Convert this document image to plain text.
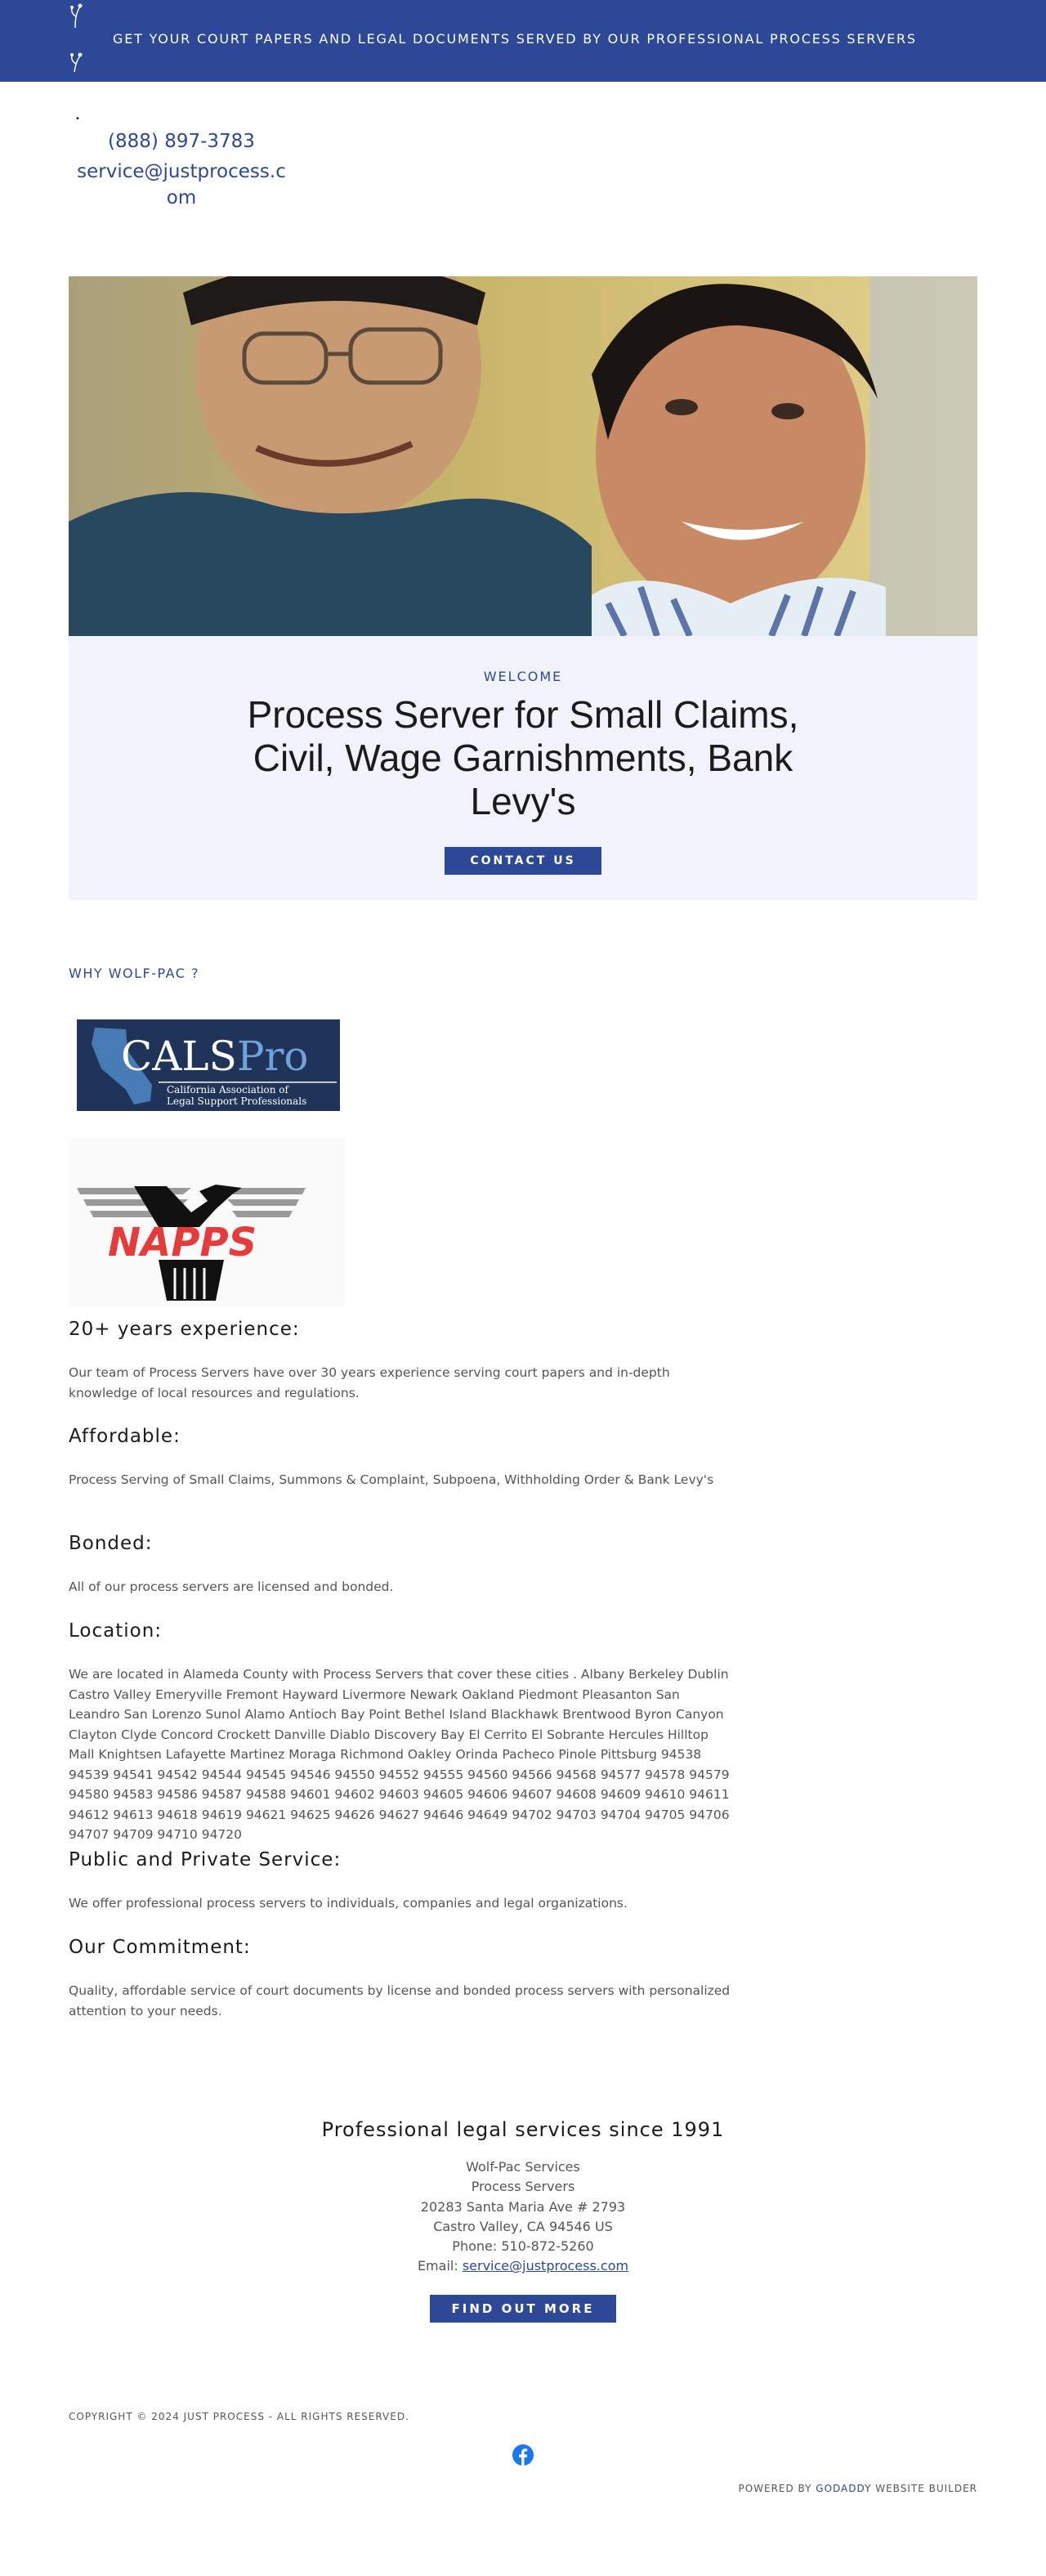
GET YOUR COURT PAPERS AND LEGAL DOCUMENTS SERVED BY OUR PROFESSIONAL PROCESS SERVERS
•
(888) 897-3783
service@justprocess.com
WELCOME
Process Server for Small Claims, Civil, Wage Garnishments, Bank Levy's
CONTACT US
WHY WOLF-PAC ?
CALSPro
California Association of
Legal Support Professionals
NAPPS
20+ years experience:

Our team of Process Servers have over 30 years experience serving court papers and in-depth knowledge of local resources and regulations.

Affordable:

Process Serving of Small Claims, Summons & Complaint, Subpoena, Withholding Order & Bank Levy's

Bonded:

All of our process servers are licensed and bonded.

Location:

We are located in Alameda County with Process Servers that cover these cities . Albany Berkeley Dublin Castro Valley Emeryville Fremont Hayward Livermore Newark Oakland Piedmont Pleasanton San Leandro San Lorenzo Sunol Alamo Antioch Bay Point Bethel Island Blackhawk Brentwood Byron Canyon Clayton Clyde Concord Crockett Danville Diablo Discovery Bay El Cerrito El Sobrante Hercules Hilltop Mall Knightsen Lafayette Martinez Moraga Richmond Oakley Orinda Pacheco Pinole Pittsburg 94538 94539 94541 94542 94544 94545 94546 94550 94552 94555 94560 94566 94568 94577 94578 94579 94580 94583 94586 94587 94588 94601 94602 94603 94605 94606 94607 94608 94609 94610 94611 94612 94613 94618 94619 94621 94625 94626 94627 94646 94649 94702 94703 94704 94705 94706 94707 94709 94710 94720

Public and Private Service:

We offer professional process servers to individuals, companies and legal organizations.

Our Commitment:

Quality, affordable service of court documents by license and bonded process servers with personalized attention to your needs.

Professional legal services since 1991
Wolf-Pac Services
Process Servers
20283 Santa Maria Ave # 2793
Castro Valley, CA 94546 US
Phone: 510-872-5260
Email: service@justprocess.com
FIND OUT MORE
COPYRIGHT © 2024 JUST PROCESS - ALL RIGHTS RESERVED.
POWERED BY GODADDY WEBSITE BUILDER
